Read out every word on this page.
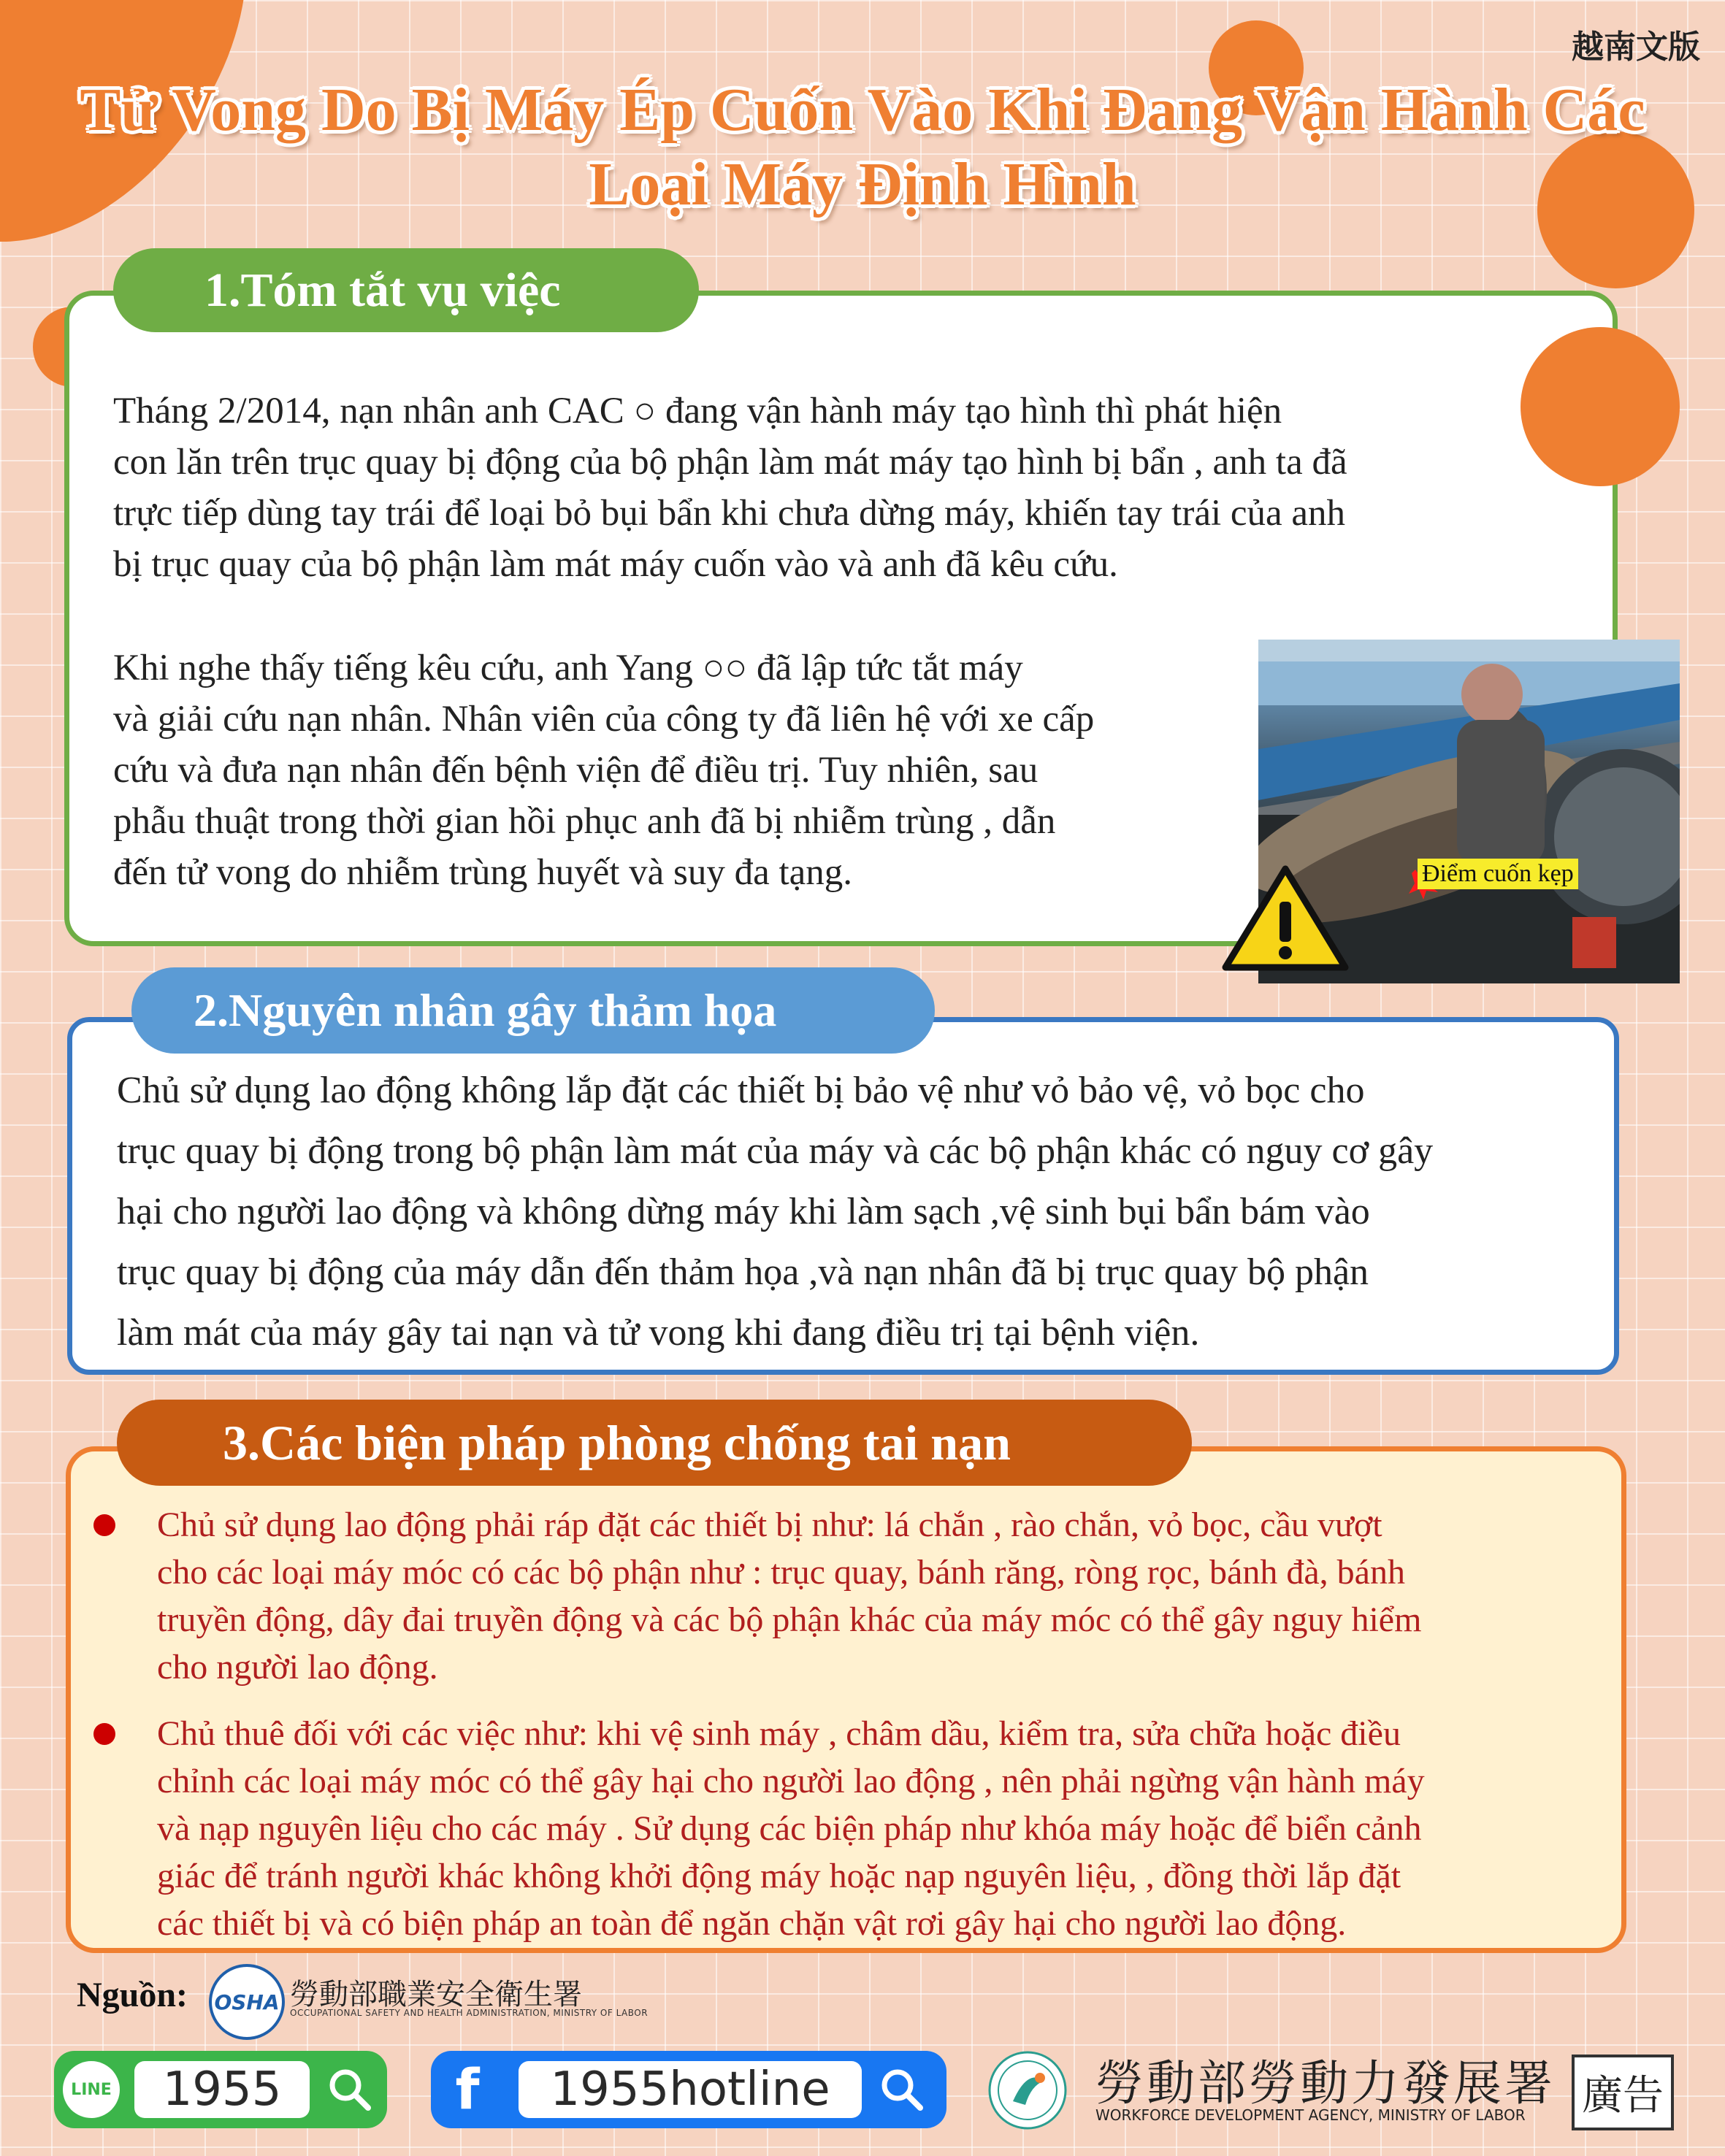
越南文版
Tử Vong Do Bị Máy Ép Cuốn Vào Khi Đang Vận Hành Các
Loại Máy Định Hình
1.Tóm tắt vụ việc
Tháng 2/2014, nạn nhân anh CAC ○ đang vận hành máy tạo hình thì phát hiện
con lăn trên trục quay bị động của bộ phận làm mát máy tạo hình bị bẩn , anh ta đã
trực tiếp dùng tay trái để loại bỏ bụi bẩn khi chưa dừng máy, khiến tay trái của anh
bị trục quay của bộ phận làm mát máy cuốn vào và anh đã kêu cứu.
Khi nghe thấy tiếng kêu cứu, anh Yang ○○ đã lập tức tắt máy
và giải cứu nạn nhân. Nhân viên của công ty đã liên hệ với xe cấp
cứu và đưa nạn nhân đến bệnh viện để điều trị. Tuy nhiên, sau
phẫu thuật trong thời gian hồi phục anh đã bị nhiễm trùng , dẫn
đến tử vong do nhiễm trùng huyết và suy đa tạng.	Điểm cuốn kẹp
2.Nguyên nhân gây thảm họa
Chủ sử dụng lao động không lắp đặt các thiết bị bảo vệ như vỏ bảo vệ, vỏ bọc cho
trục quay bị động trong bộ phận làm mát của máy và các bộ phận khác có nguy cơ gây
hại cho người lao động và không dừng máy khi làm sạch ,vệ sinh bụi bẩn bám vào
trục quay bị động của máy dẫn đến thảm họa ,và nạn nhân đã bị trục quay bộ phận
làm mát của máy gây tai nạn và tử vong khi đang điều trị tại bệnh viện.
3.Các biện pháp phòng chống tai nạn
Chủ sử dụng lao động phải ráp đặt các thiết bị như: lá chắn , rào chắn, vỏ bọc, cầu vượt
cho các loại máy móc có các bộ phận như : trục quay, bánh răng, ròng rọc, bánh đà, bánh
truyền động, dây đai truyền động và các bộ phận khác của máy móc có thể gây nguy hiểm
cho người lao động.
Chủ thuê đối với các việc như: khi vệ sinh máy , châm dầu, kiểm tra, sửa chữa hoặc điều
chỉnh các loại máy móc có thể gây hại cho người lao động , nên phải ngừng vận hành máy
và nạp nguyên liệu cho các máy . Sử dụng các biện pháp như khóa máy hoặc để biển cảnh
giác để tránh người khác không khởi động máy hoặc nạp nguyên liệu, , đồng thời lắp đặt
các thiết bị và có biện pháp an toàn để ngăn chặn vật rơi gây hại cho người lao động.
Nguồn: OSHA 勞動部職業安全衛生署
OCCUPATIONAL SAFETY AND HEALTH ADMINISTRATION, MINISTRY OF LABOR
LINE	1955	f	1955hotline	勞動部勞動力發展署
WORKFORCE DEVELOPMENT AGENCY, MINISTRY OF LABOR 廣告
